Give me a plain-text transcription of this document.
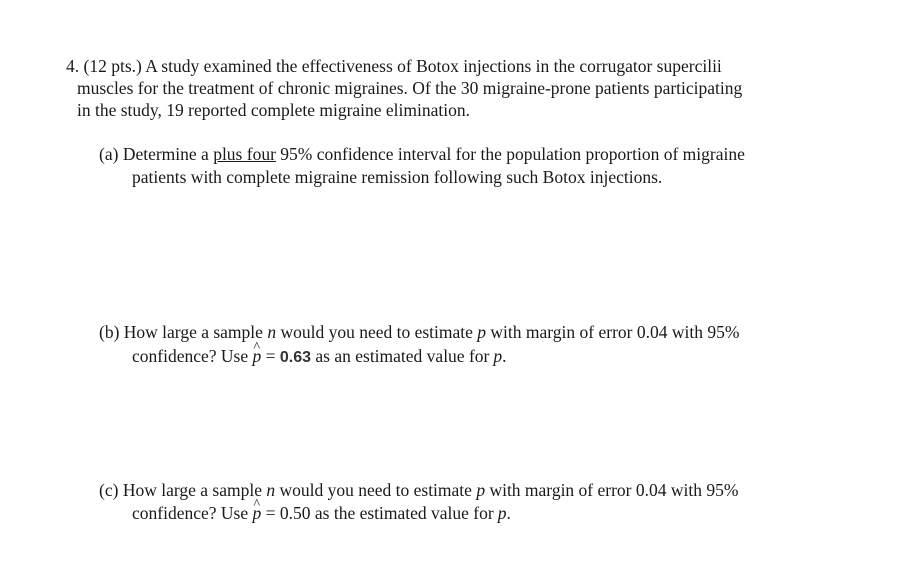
4. (12 pts.) A study examined the effectiveness of Botox injections in the corrugator supercilii
muscles for the treatment of chronic migraines. Of the 30 migraine-prone patients participating
in the study, 19 reported complete migraine elimination.
(a) Determine a plus four 95% confidence interval for the population proportion of migraine
patients with complete migraine remission following such Botox injections.
(b) How large a sample n would you need to estimate p with margin of error 0.04 with 95%
confidence? Use ^ p = 0.63 as an estimated value for p.
(c) How large a sample n would you need to estimate p with margin of error 0.04 with 95%
confidence? Use ^ p = 0.50 as the estimated value for p.
